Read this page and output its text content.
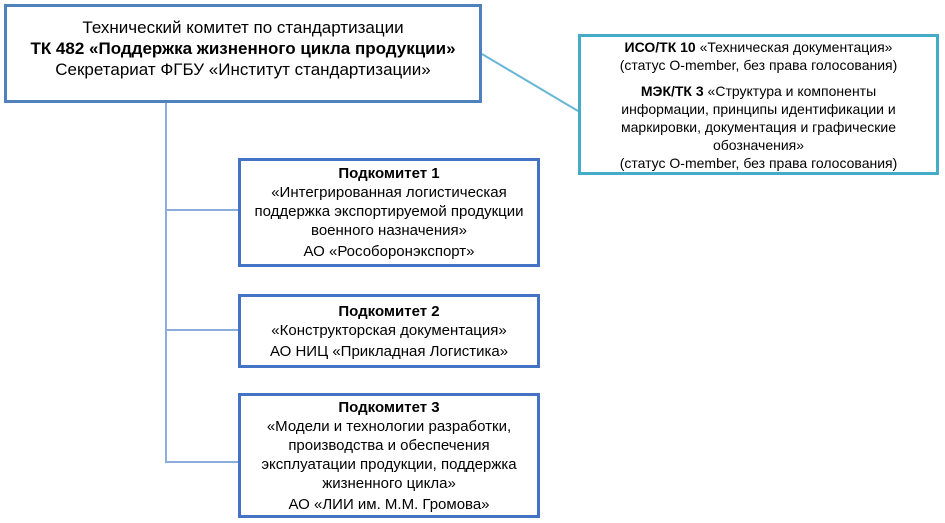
Технический комитет по стандартизации
ТК 482 «Поддержка жизненного цикла продукции»
Секретариат ФГБУ «Институт стандартизации»
ИСО/ТК 10 «Техническая документация»
(статус O-member, без права голосования)
МЭК/ТК 3 «Структура и компоненты информации, принципы идентификации и маркировки, документация и графические обозначения»
(статус O-member, без права голосования)
Подкомитет 1
«Интегрированная логистическая поддержка экспортируемой продукции военного назначения»
АО «Рособоронэкспорт»
Подкомитет 2
«Конструкторская документация»
АО НИЦ «Прикладная Логистика»
Подкомитет 3
«Модели и технологии разработки, производства и обеспечения эксплуатации продукции, поддержка жизненного цикла»
АО «ЛИИ им. М.М. Громова»
